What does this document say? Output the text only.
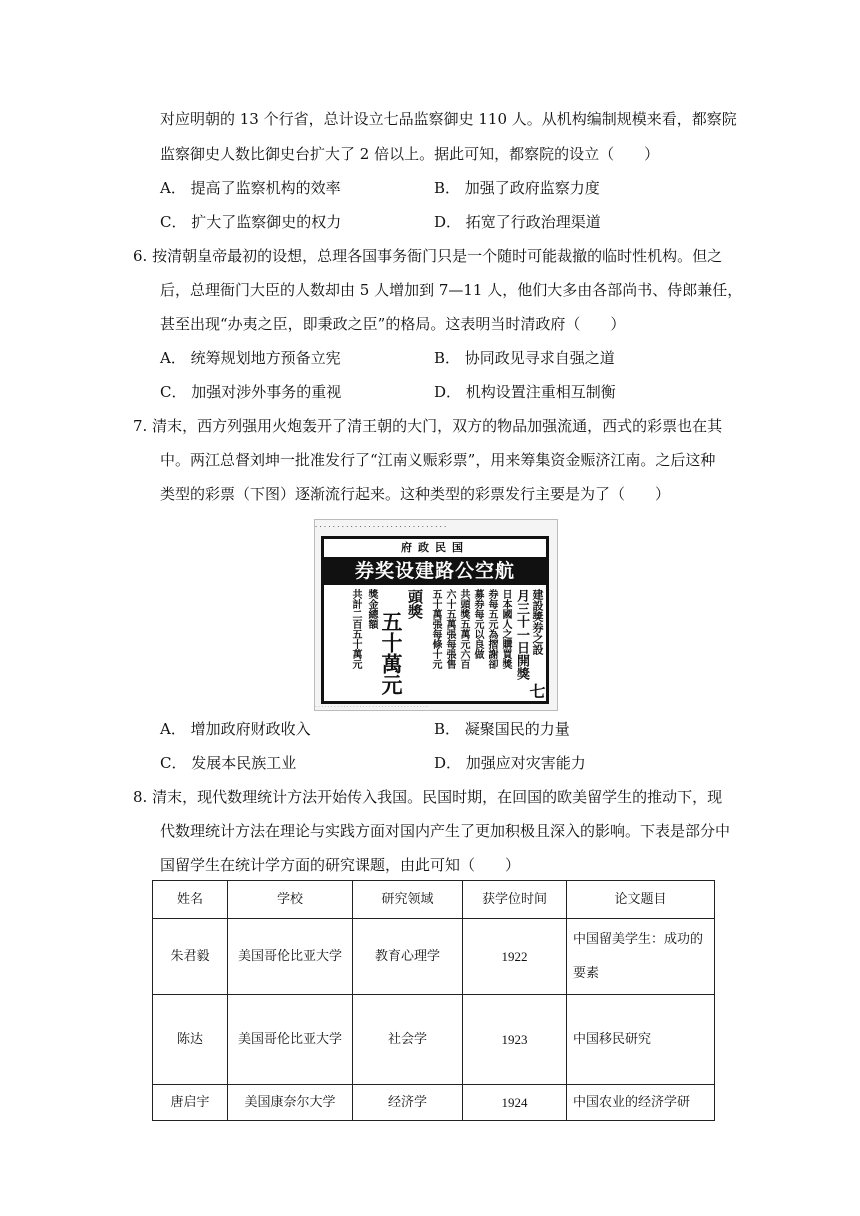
对应明朝的 13 个行省，总计设立七品监察御史 110 人。从机构编制规模来看，都察院
监察御史人数比御史台扩大了 2 倍以上。据此可知，都察院的设立（　　）
A． 提高了监察机构的效率	B． 加强了政府监察力度
C． 扩大了监察御史的权力	D． 拓宽了行政治理渠道
6. 按清朝皇帝最初的设想，总理各国事务衙门只是一个随时可能裁撤的临时性机构。但之
后，总理衙门大臣的人数却由 5 人增加到 7—11 人，他们大多由各部尚书、侍郎兼任，
甚至出现“办夷之臣，即秉政之臣”的格局。这表明当时清政府（　　）
A． 统筹规划地方预备立宪	B． 协同政见寻求自强之道
C． 加强对涉外事务的重视	D． 机构设置注重相互制衡
7. 清末，西方列强用火炮轰开了清王朝的大门，双方的物品加强流通，西式的彩票也在其
中。两江总督刘坤一批准发行了“江南义赈彩票”，用来筹集资金赈济江南。之后这种
类型的彩票（下图）逐渐流行起来。这种类型的彩票发行主要是为了（　　）
· · · · · · · · · · · · · · · · · · · · · · · · · · · · · ·
府政民国
航空公路建设奖券
七
建設獎券之設
月三十一日開獎
日本國人之購買獎
券每五元為摺謝卻
募券每元以良做
共頭獎五萬元六百
六十五萬張每張售
五十萬張每條十元
頭獎
五十萬元
獎金總額
共計二百五十萬元
· · · · · · · · · · · · · · · · · · · · · · · · · · · · · · · · · · · ·
A． 增加政府财政收入	B． 凝聚国民的力量
C． 发展本民族工业	D． 加强应对灾害能力
8. 清末，现代数理统计方法开始传入我国。民国时期，在回国的欧美留学生的推动下，现
代数理统计方法在理论与实践方面对国内产生了更加积极且深入的影响。下表是部分中
国留学生在统计学方面的研究课题，由此可知（　　）
姓名	学校	研究领域	获学位时间	论文题目
朱君毅	美国哥伦比亚大学	教育心理学	1922	中国留美学生：成功的要素
陈达	美国哥伦比亚大学	社会学	1923	中国移民研究
唐启宇	美国康奈尔大学	经济学	1924	中国农业的经济学研
